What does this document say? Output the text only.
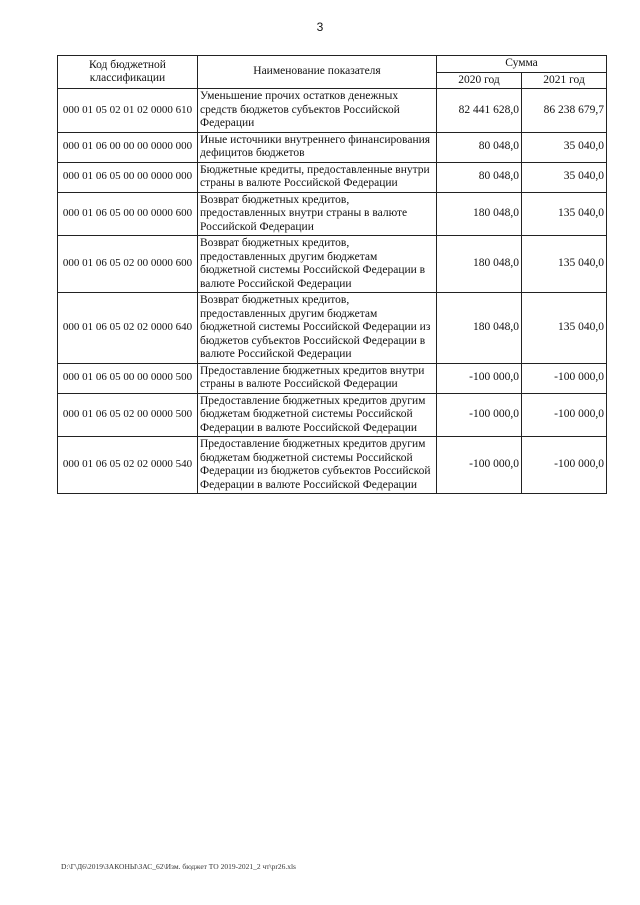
3
Код бюджетной классификации	Наименование показателя	Сумма	
		2020 год	2021 год
000 01 05 02 01 02 0000 610	Уменьшение прочих остатков денежных средств бюджетов субъектов Российской Федерации	82 441 628,0	86 238 679,7
000 01 06 00 00 00 0000 000	Иные источники внутреннего финансирования дефицитов бюджетов	80 048,0	35 040,0
000 01 06 05 00 00 0000 000	Бюджетные кредиты, предоставленные внутри страны в валюте Российской Федерации	80 048,0	35 040,0
000 01 06 05 00 00 0000 600	Возврат бюджетных кредитов, предоставленных внутри страны в валюте Российской Федерации	180 048,0	135 040,0
000 01 06 05 02 00 0000 600	Возврат бюджетных кредитов, предоставленных другим бюджетам бюджетной системы Российской Федерации в валюте Российской Федерации	180 048,0	135 040,0
000 01 06 05 02 02 0000 640	Возврат бюджетных кредитов, предоставленных другим бюджетам бюджетной системы Российской Федерации из бюджетов субъектов Российской Федерации в валюте Российской Федерации	180 048,0	135 040,0
000 01 06 05 00 00 0000 500	Предоставление бюджетных кредитов внутри страны в валюте Российской Федерации	-100 000,0	-100 000,0
000 01 06 05 02 00 0000 500	Предоставление бюджетных кредитов другим бюджетам бюджетной системы Российской Федерации в валюте Российской Федерации	-100 000,0	-100 000,0
000 01 06 05 02 02 0000 540	Предоставление бюджетных кредитов другим бюджетам бюджетной системы Российской Федерации из бюджетов субъектов Российской Федерации в валюте Российской Федерации	-100 000,0	-100 000,0
D:\Г\Д6\2019\ЗАКОНЫ\ЗАС_62\Изм. бюджет ТО 2019-2021_2 чт\pr26.xls
